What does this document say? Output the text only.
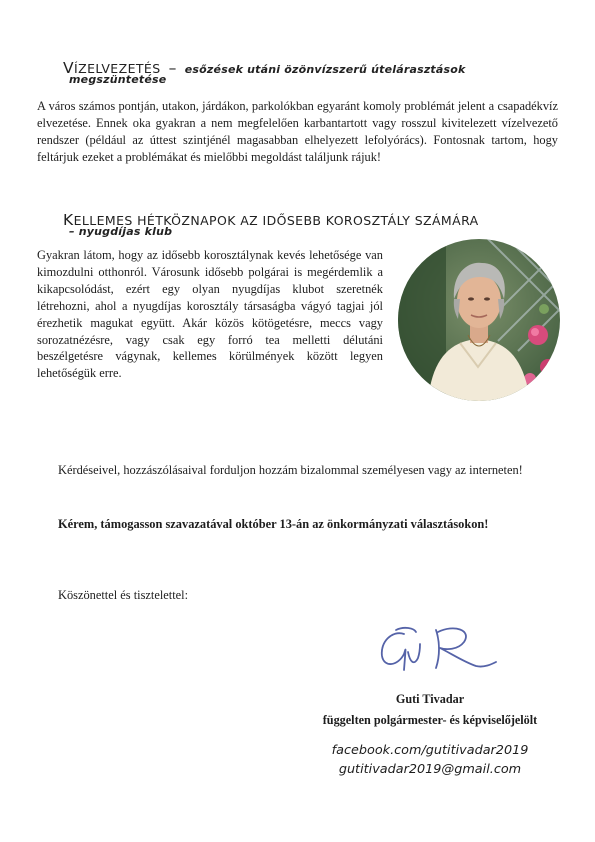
VÍZELVEZETÉS – esőzések utáni özönvízszerű útelárasztások
megszüntetése

A város számos pontján, utakon, járdákon, parkolókban egyaránt komoly problémát jelent a csapadékvíz elvezetése. Ennek oka gyakran a nem megfelelően karbantartott vagy rosszul kivitelezett vízelvezető rendszer (például az úttest szintjénél magasabban elhelyezett lefolyórács). Fontosnak tartom, hogy feltárjuk ezeket a problémákat és mielőbbi megoldást találjunk rájuk!

KELLEMES HÉTKÖZNAPOK AZ IDŐSEBB KOROSZTÁLY SZÁMÁRA
– nyugdíjas klub

Gyakran látom, hogy az idősebb korosztálynak kevés lehetősége van kimozdulni otthonról. Városunk idősebb polgárai is megérdemlik a kikapcsolódást, ezért egy olyan nyugdíjas klubot szeretnék létrehozni, ahol a nyugdíjas korosztály társaságba vágyó tagjai jól érezhetik magukat együtt. Akár közös kötögetésre, meccs vagy sorozatnézésre, vagy csak egy forró tea melletti délutáni beszélgetésre vágynak, kellemes körülmények között legyen lehetőségük erre.

Kérdéseivel, hozzászólásaival forduljon hozzám bizalommal személyesen vagy az interneten!

Kérem, támogasson szavazatával október 13-án az önkormányzati választásokon!

Köszönettel és tisztelettel:

Guti Tivadar
függelten polgármester- és képviselőjelölt
facebook.com/gutitivadar2019
gutitivadar2019@gmail.com
